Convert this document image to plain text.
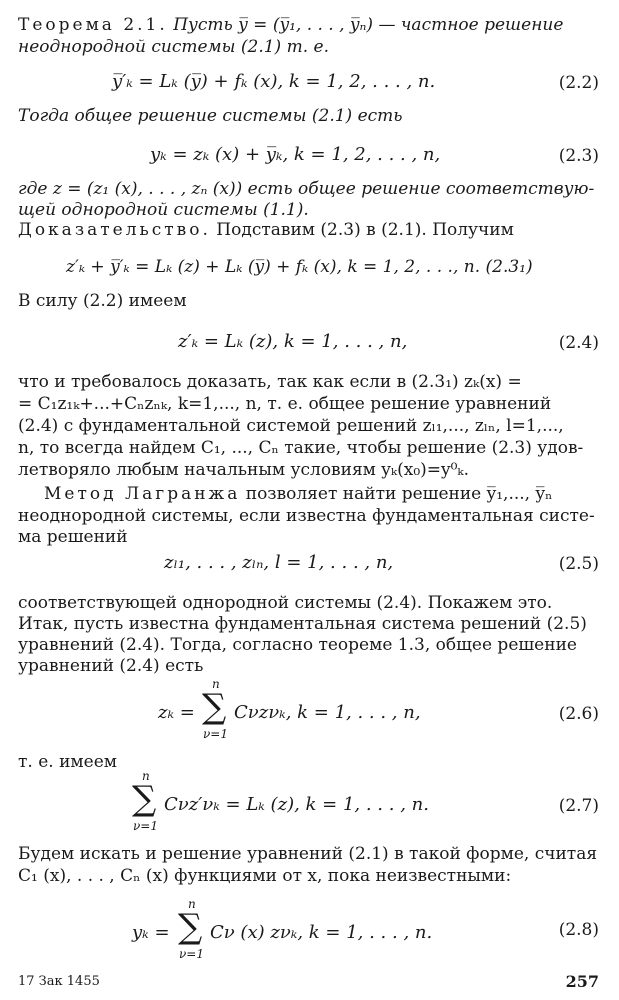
Теорема 2.1. Пусть y̅ = (y̅₁, . . . , y̅ₙ) — частное решение
неоднородной системы (2.1) т. е.
y̅′ₖ = Lₖ (y̅) + fₖ (x), k = 1, 2, . . . , n.	(2.2)
Тогда общее решение системы (2.1) есть
yₖ = zₖ (x) + y̅ₖ, k = 1, 2, . . . , n,	(2.3)
где z = (z₁ (x), . . . , zₙ (x)) есть общее решение соответствую-
щей однородной системы (1.1).
Доказательство. Подставим (2.3) в (2.1). Получим
z′ₖ + y̅′ₖ = Lₖ (z) + Lₖ (y̅) + fₖ (x), k = 1, 2, . . ., n. (2.3₁)
В силу (2.2) имеем
z′ₖ = Lₖ (z), k = 1, . . . , n,	(2.4)
что и требовалось доказать, так как если в (2.3₁) zₖ(x) =
= C₁z₁ₖ+...+Cₙzₙₖ, k=1,..., n, т. е. общее решение уравнений
(2.4) с фундаментальной системой решений zₗ₁,..., zₗₙ, l=1,...,
n, то всегда найдем C₁, ..., Cₙ такие, чтобы решение (2.3) удов-
летворяло любым начальным условиям yₖ(x₀)=y⁰ₖ.
Метод Лагранжа позволяет найти решение y̅₁,..., y̅ₙ
неоднородной системы, если известна фундаментальная систе-
ма решений
zₗ₁, . . . , zₗₙ, l = 1, . . . , n,	(2.5)
соответствующей однородной системы (2.4). Покажем это.
Итак, пусть известна фундаментальная система решений (2.5)
уравнений (2.4). Тогда, согласно теореме 1.3, общее решение
уравнений (2.4) есть
zₖ =
n
∑
ν=1
Cνzνₖ, k = 1, . . . , n,	(2.6)
т. е. имеем
n
∑
ν=1
Cνz′νₖ = Lₖ (z), k = 1, . . . , n.	(2.7)
Будем искать и решение уравнений (2.1) в такой форме, считая
C₁ (x), . . . , Cₙ (x) функциями от x, пока неизвестными:
yₖ =
n
∑
ν=1
Cν (x) zνₖ, k = 1, . . . , n.	(2.8)
17 Зак 1455	257
